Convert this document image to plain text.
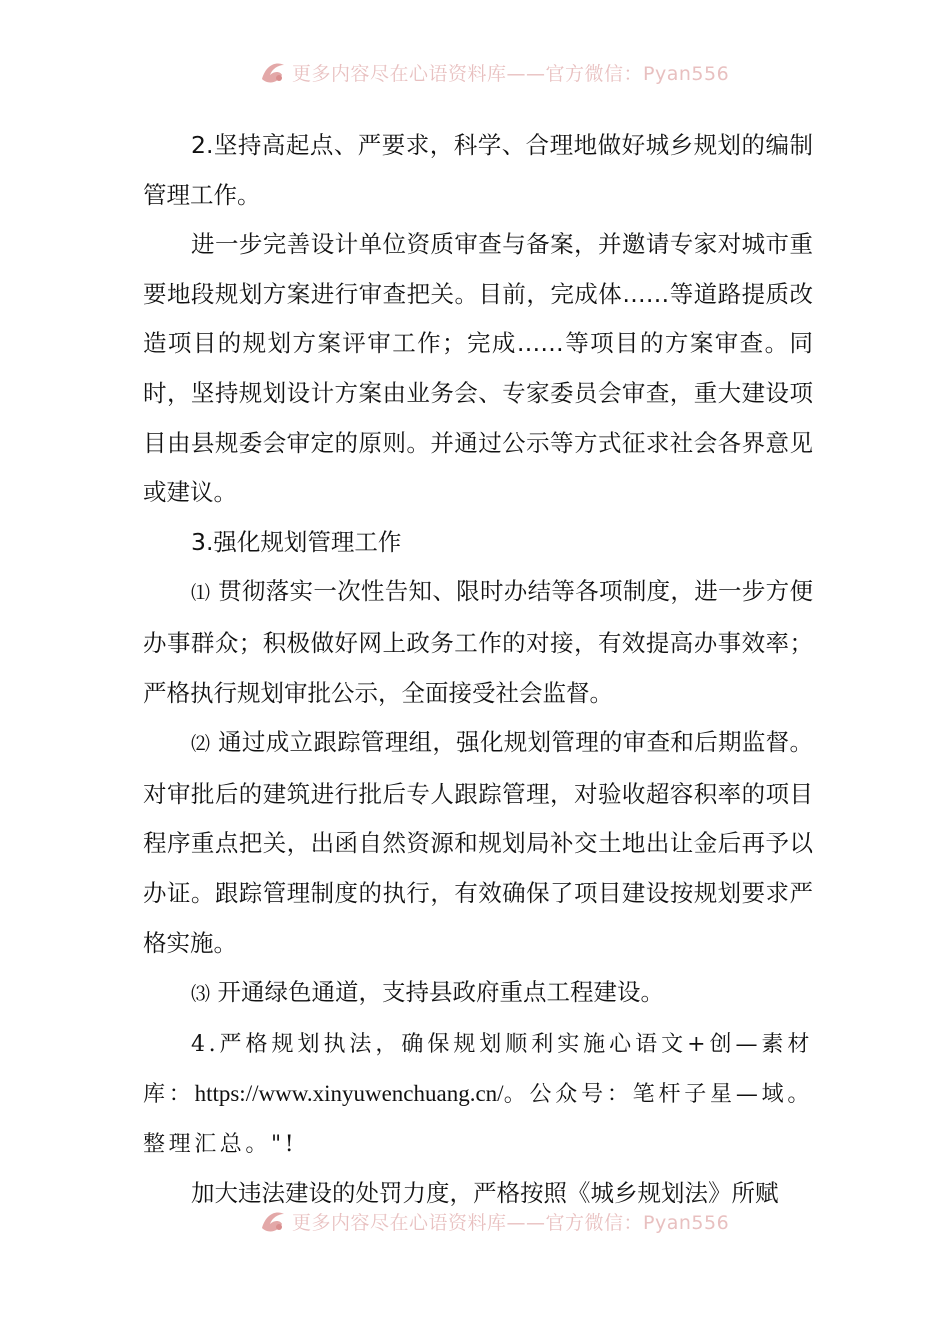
更多内容尽在心语资料库——官方微信：Pyan556

2.坚持高起点、严要求，科学、合理地做好城乡规划的编制管理工作。

进一步完善设计单位资质审查与备案，并邀请专家对城市重要地段规划方案进行审查把关。目前，完成体……等道路提质改造项目的规划方案评审工作；完成……等项目的方案审查。同时，坚持规划设计方案由业务会、专家委员会审查，重大建设项目由县规委会审定的原则。并通过公示等方式征求社会各界意见或建议。

3.强化规划管理工作

⑴ 贯彻落实一次性告知、限时办结等各项制度，进一步方便办事群众；积极做好网上政务工作的对接，有效提高办事效率；严格执行规划审批公示，全面接受社会监督。

⑵ 通过成立跟踪管理组，强化规划管理的审查和后期监督。对审批后的建筑进行批后专人跟踪管理，对验收超容积率的项目程序重点把关，出函自然资源和规划局补交土地出让金后再予以办证。跟踪管理制度的执行，有效确保了项目建设按规划要求严格实施。

⑶ 开通绿色通道，支持县政府重点工程建设。

4.严格规划执法，确保规划顺利实施心语文+创—素材库：https://www.xinyuwenchuang.cn/。公众号：笔杆子星—域。整理汇总。"!

加大违法建设的处罚力度，严格按照《城乡规划法》所赋

更多内容尽在心语资料库——官方微信：Pyan556
